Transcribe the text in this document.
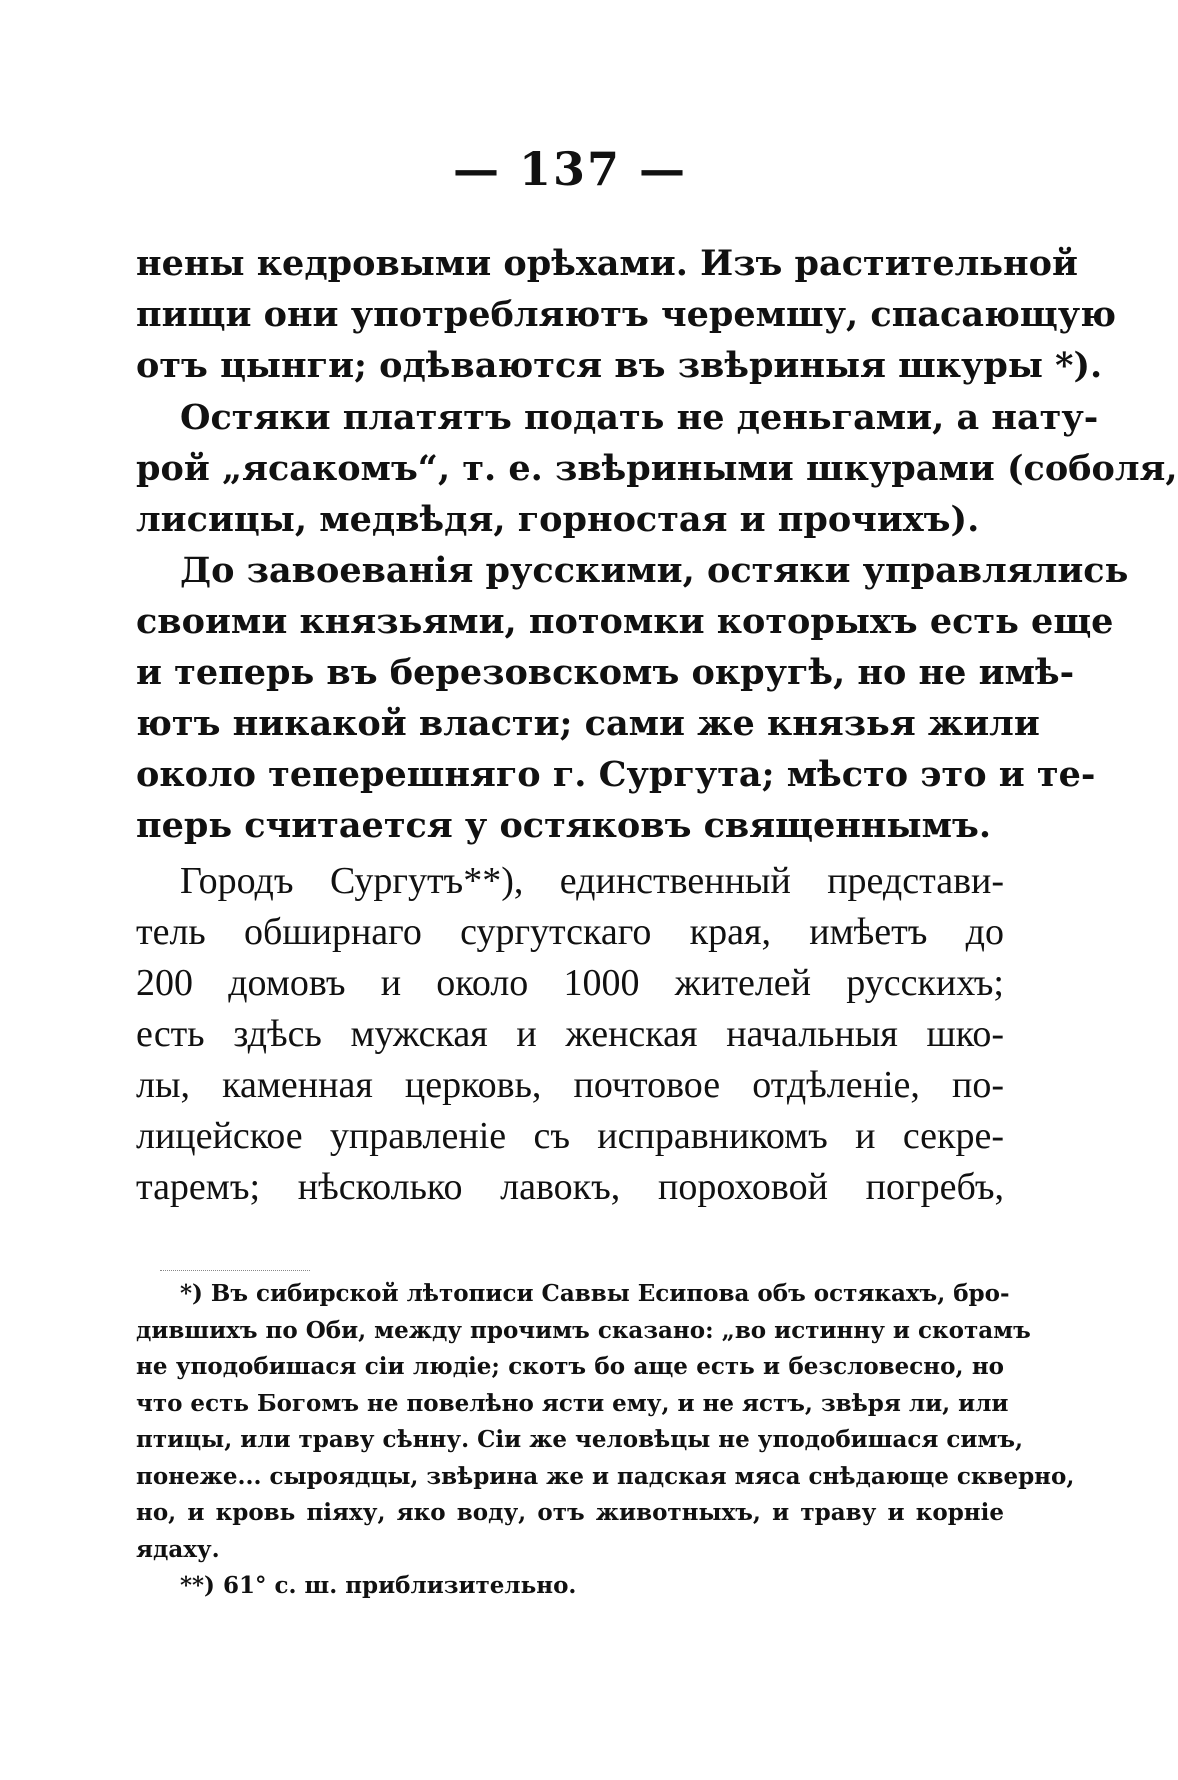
— 137 —
нены кедровыми орѣхами. Изъ растительной
пищи они употребляютъ черемшу, спасающую
отъ цынги; одѣваются въ звѣриныя шкуры *).
Остяки платятъ подать не деньгами, а нату-
рой „ясакомъ“, т. е. звѣриными шкурами (соболя,
лисицы, медвѣдя, горностая и прочихъ).
До завоеванія русскими, остяки управлялись
своими князьями, потомки которыхъ есть еще
и теперь въ березовскомъ округѣ, но не имѣ-
ютъ никакой власти; сами же князья жили
около теперешняго г. Сургута; мѣсто это и те-
перь считается у остяковъ священнымъ.
Городъ Сургутъ**), единственный представи-
тель обширнаго сургутскаго края, имѣетъ до
200 домовъ и около 1000 жителей русскихъ;
есть здѣсь мужская и женская начальныя шко-
лы, каменная церковь, почтовое отдѣленіе, по-
лицейское управленіе съ исправникомъ и секре-
таремъ; нѣсколько лавокъ, пороховой погребъ,
*) Въ сибирской лѣтописи Саввы Есипова объ остякахъ, бро-
дившихъ по Оби, между прочимъ сказано: „во истинну и скотамъ
не уподобишася сіи людіе; скотъ бо аще есть и безсловесно, но
что есть Богомъ не повелѣно ясти ему, и не ястъ, звѣря ли, или
птицы, или траву сѣнну. Сіи же человѣцы не уподобишася симъ,
понеже... сыроядцы, звѣрина же и падская мяса снѣдающе скверно,
но, и кровь піяху, яко воду, отъ животныхъ, и траву и корніе
ядаху.
**) 61° с. ш. приблизительно.
